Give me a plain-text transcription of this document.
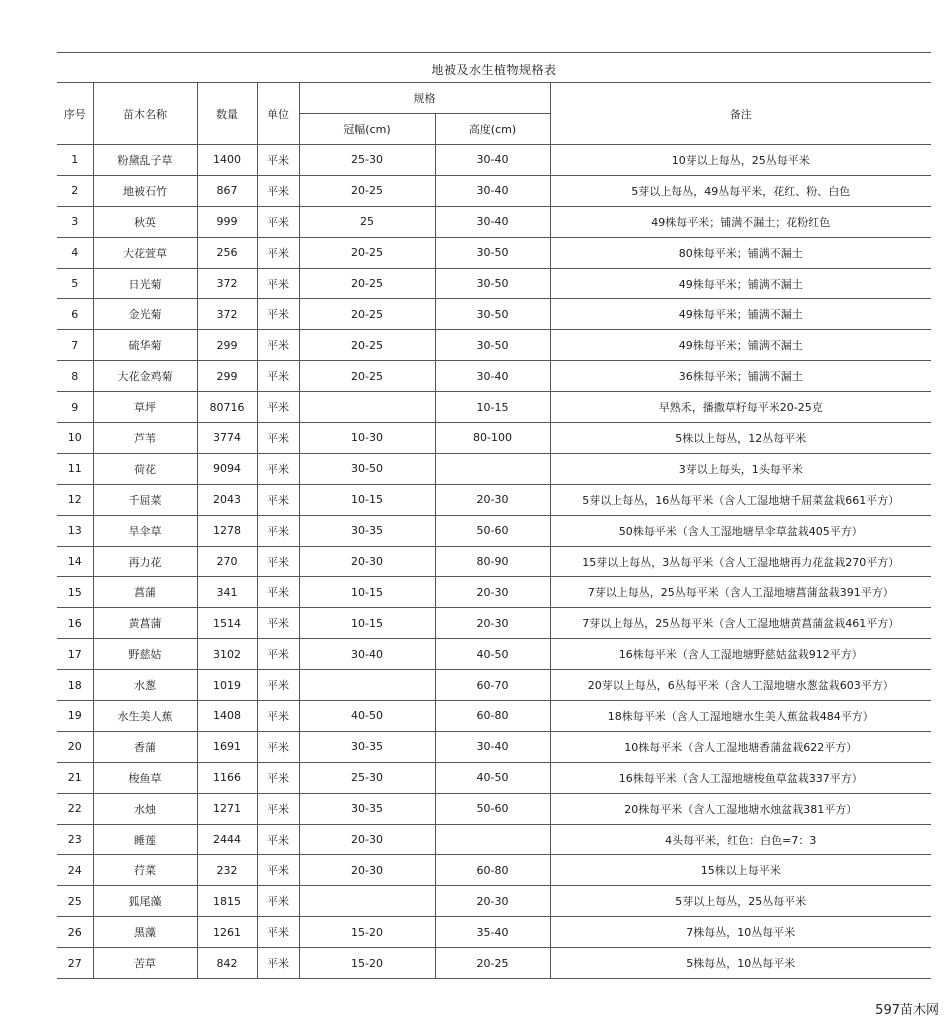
地被及水生植物规格表
序号	苗木名称	数量	单位	规格		备注
				冠幅(cm)	高度(cm)	
1	粉黛乱子草	1400	平米	25-30	30-40	10芽以上每丛，25丛每平米
2	地被石竹	867	平米	20-25	30-40	5芽以上每丛，49丛每平米，花红、粉、白色
3	秋英	999	平米	25	30-40	49株每平米；铺满不漏土；花粉红色
4	大花萱草	256	平米	20-25	30-50	80株每平米；铺满不漏土
5	日光菊	372	平米	20-25	30-50	49株每平米；铺满不漏土
6	金光菊	372	平米	20-25	30-50	49株每平米；铺满不漏土
7	硫华菊	299	平米	20-25	30-50	49株每平米；铺满不漏土
8	大花金鸡菊	299	平米	20-25	30-40	36株每平米；铺满不漏土
9	草坪	80716	平米		10-15	早熟禾，播撒草籽每平米20-25克
10	芦苇	3774	平米	10-30	80-100	5株以上每丛，12丛每平米
11	荷花	9094	平米	30-50		3芽以上每头，1头每平米
12	千屈菜	2043	平米	10-15	20-30	5芽以上每丛，16丛每平米（含人工湿地塘千屈菜盆栽661平方）
13	旱伞草	1278	平米	30-35	50-60	50株每平米（含人工湿地塘旱伞草盆栽405平方）
14	再力花	270	平米	20-30	80-90	15芽以上每丛，3丛每平米（含人工湿地塘再力花盆栽270平方）
15	菖蒲	341	平米	10-15	20-30	7芽以上每丛，25丛每平米（含人工湿地塘菖蒲盆栽391平方）
16	黄菖蒲	1514	平米	10-15	20-30	7芽以上每丛，25丛每平米（含人工湿地塘黄菖蒲盆栽461平方）
17	野慈姑	3102	平米	30-40	40-50	16株每平米（含人工湿地塘野慈姑盆栽912平方）
18	水葱	1019	平米		60-70	20芽以上每丛，6丛每平米（含人工湿地塘水葱盆栽603平方）
19	水生美人蕉	1408	平米	40-50	60-80	18株每平米（含人工湿地塘水生美人蕉盆栽484平方）
20	香蒲	1691	平米	30-35	30-40	10株每平米（含人工湿地塘香蒲盆栽622平方）
21	梭鱼草	1166	平米	25-30	40-50	16株每平米（含人工湿地塘梭鱼草盆栽337平方）
22	水烛	1271	平米	30-35	50-60	20株每平米（含人工湿地塘水烛盆栽381平方）
23	睡莲	2444	平米	20-30		4头每平米，红色：白色=7：3
24	荇菜	232	平米	20-30	60-80	15株以上每平米
25	狐尾藻	1815	平米		20-30	5芽以上每丛，25丛每平米
26	黑藻	1261	平米	15-20	35-40	7株每丛，10丛每平米
27	苦草	842	平米	15-20	20-25	5株每丛，10丛每平米
597苗木网
